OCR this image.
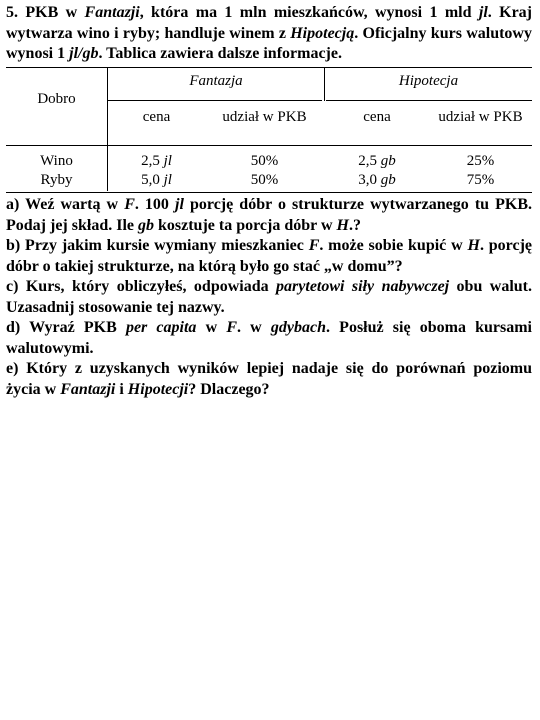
5. PKB w Fantazji, która ma 1 mln mieszkańców, wynosi 1 mld jl. Kraj wytwarza wino i ryby; handluje winem z Hipotecją. Oficjalny kurs walutowy wynosi 1 jl/gb. Tablica zawiera dalsze informacje.
Dobro
Fantazja	Hipotecja
cena	udział w PKB	cena	udział w PKB
Wino	2,5 jl	50%	2,5 gb	25%
Ryby	5,0 jl	50%	3,0 gb	75%

a) Weź wartą w F. 100 jl porcję dóbr o strukturze wytwarzanego tu PKB. Podaj jej skład. Ile gb kosztuje ta porcja dóbr w H.?

b) Przy jakim kursie wymiany mieszkaniec F. może sobie kupić w H. porcję dóbr o takiej strukturze, na którą było go stać „w domu”?

c) Kurs, który obliczyłeś, odpowiada parytetowi siły nabywczej obu walut. Uzasadnij stosowanie tej nazwy.

d) Wyraź PKB per capita w F. w gdybach. Posłuż się oboma kursami walutowymi.

e) Który z uzyskanych wyników lepiej nadaje się do porównań poziomu życia w Fantazji i Hipotecji? Dlaczego?
